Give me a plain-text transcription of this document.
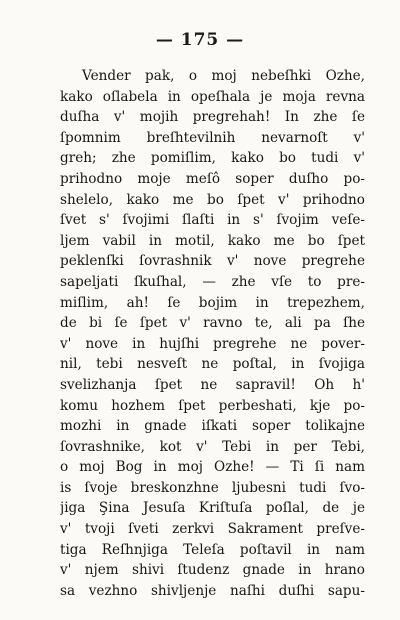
— 175 —
Vender pak, o moj nebeſhki Ozhe,
kako oſlabela in opeſhala je moja revna
duſha v' mojih pregrehah! In zhe ſe
ſpomnim breſhtevilnih nevarnoſt v'
greh; zhe pomiſlim, kako bo tudi v'
prihodno moje meſô soper duſho po-
shelelo, kako me bo ſpet v' prihodno
ſvet s' ſvojimi ſlaſti in s' ſvojim veſe-
ljem vabil in motil, kako me bo ſpet
peklenſki ſovrashnik v' nove pregrehe
sapeljati ſkuſhal, — zhe vſe to pre-
miſlim, ah! ſe bojim in trepezhem,
de bi ſe ſpet v' ravno te, ali pa ſhe
v' nove in hujſhi pregrehe ne pover-
nil, tebi nesveſt ne poſtal, in ſvojiga
svelizhanja ſpet ne sapravil! Oh h'
komu hozhem ſpet perbeshati, kje po-
mozhi in gnade iſkati soper tolikajne
ſovrashnike, kot v' Tebi in per Tebi,
o moj Bog in moj Ozhe! — Ti ſi nam
is ſvoje breskonzhne ljubesni tudi ſvo-
jiga Şina Jesuſa Kriſtuſa poſlal, de je
v' tvoji ſveti zerkvi Sakrament preſve-
tiga Reſhnjiga Teleſa poſtavil in nam
v' njem shivi ſtudenz gnade in hrano
sa vezhno shivljenje naſhi duſhi sapu-
